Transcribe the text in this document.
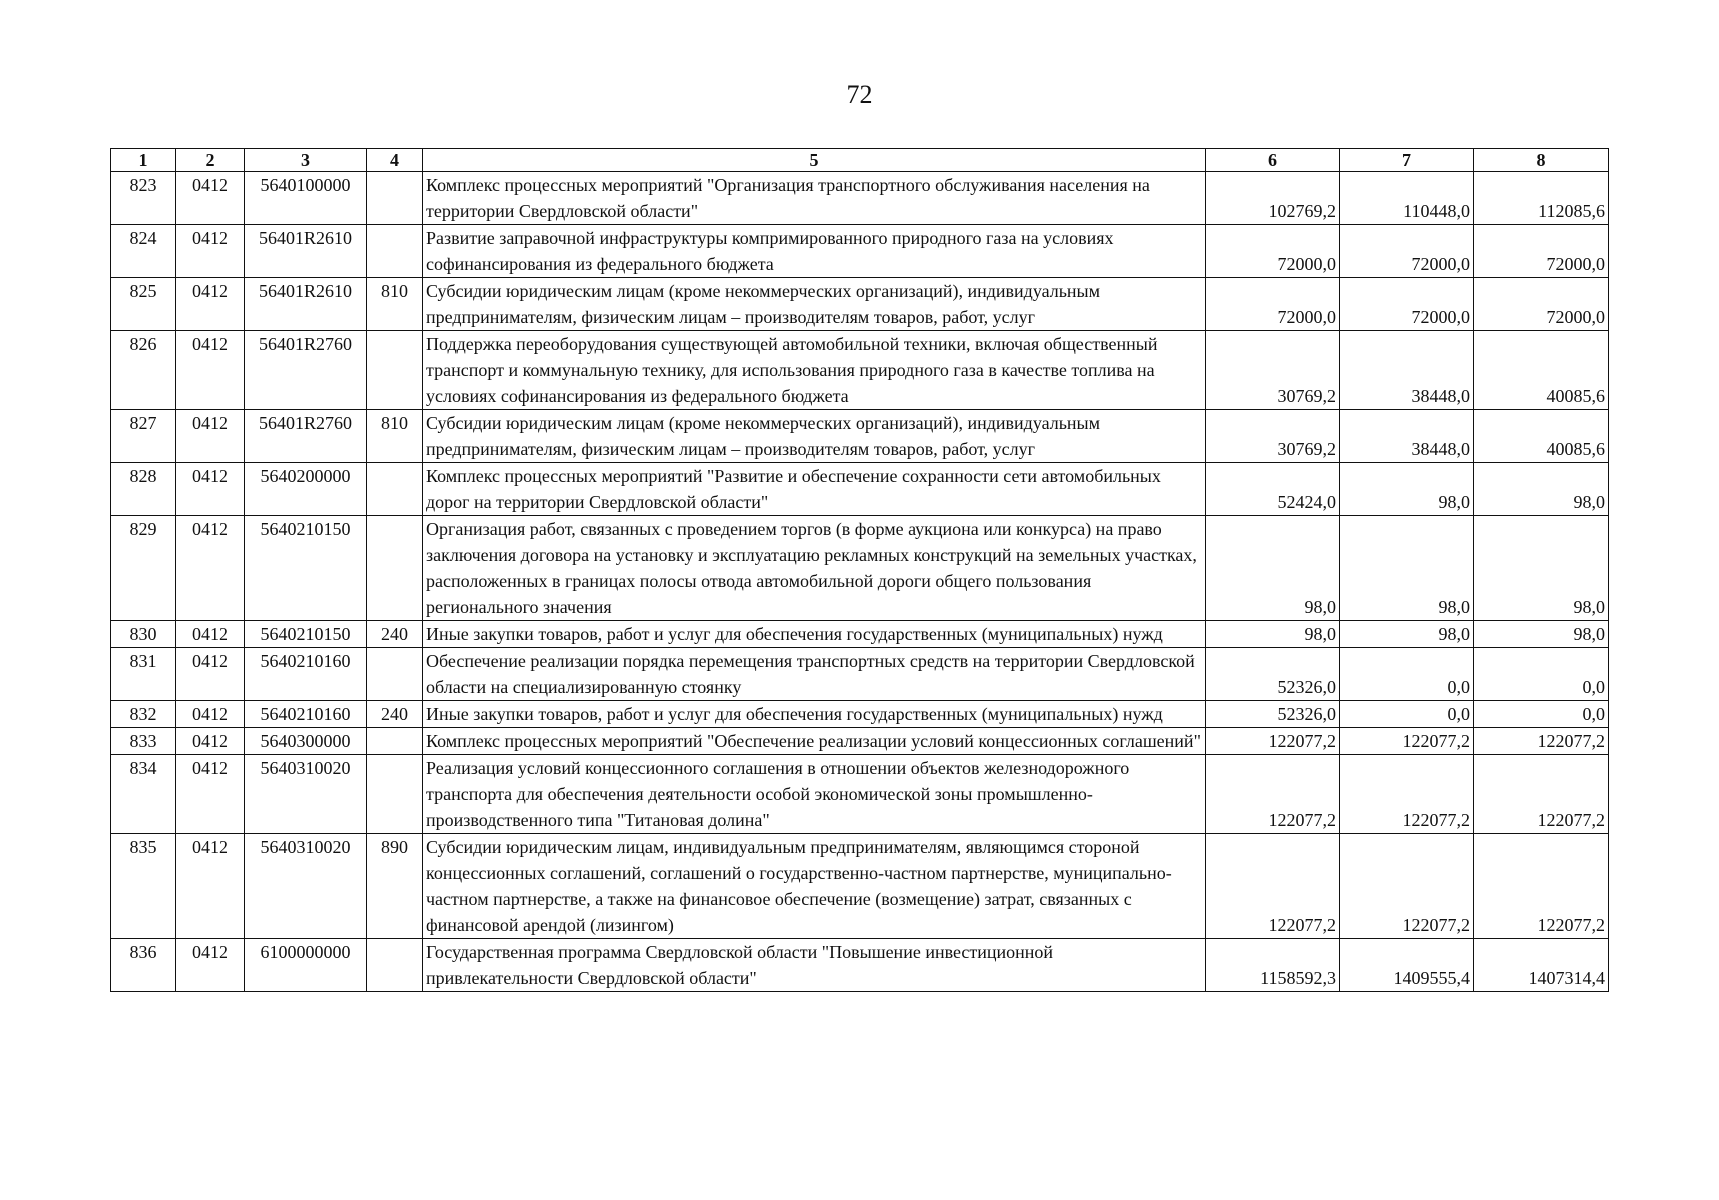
72
1	2	3	4	5	6	7	8
823	0412	5640100000		Комплекс процессных мероприятий "Организация транспортного обслуживания населения на территории Свердловской области"	102769,2	110448,0	112085,6
824	0412	56401R2610		Развитие заправочной инфраструктуры компримированного природного газа на условиях софинансирования из федерального бюджета	72000,0	72000,0	72000,0
825	0412	56401R2610	810	Субсидии юридическим лицам (кроме некоммерческих организаций), индивидуальным предпринимателям, физическим лицам – производителям товаров, работ, услуг	72000,0	72000,0	72000,0
826	0412	56401R2760		Поддержка переоборудования существующей автомобильной техники, включая общественный транспорт и коммунальную технику, для использования природного газа в качестве топлива на условиях софинансирования из федерального бюджета	30769,2	38448,0	40085,6
827	0412	56401R2760	810	Субсидии юридическим лицам (кроме некоммерческих организаций), индивидуальным предпринимателям, физическим лицам – производителям товаров, работ, услуг	30769,2	38448,0	40085,6
828	0412	5640200000		Комплекс процессных мероприятий "Развитие и обеспечение сохранности сети автомобильных дорог на территории Свердловской области"	52424,0	98,0	98,0
829	0412	5640210150		Организация работ, связанных с проведением торгов (в форме аукциона или конкурса) на право заключения договора на установку и эксплуатацию рекламных конструкций на земельных участках, расположенных в границах полосы отвода автомобильной дороги общего пользования регионального значения	98,0	98,0	98,0
830	0412	5640210150	240	Иные закупки товаров, работ и услуг для обеспечения государственных (муниципальных) нужд	98,0	98,0	98,0
831	0412	5640210160		Обеспечение реализации порядка перемещения транспортных средств на территории Свердловской области на специализированную стоянку	52326,0	0,0	0,0
832	0412	5640210160	240	Иные закупки товаров, работ и услуг для обеспечения государственных (муниципальных) нужд	52326,0	0,0	0,0
833	0412	5640300000		Комплекс процессных мероприятий "Обеспечение реализации условий концессионных соглашений"	122077,2	122077,2	122077,2
834	0412	5640310020		Реализация условий концессионного соглашения в отношении объектов железнодорожного транспорта для обеспечения деятельности особой экономической зоны промышленно-производственного типа "Титановая долина"	122077,2	122077,2	122077,2
835	0412	5640310020	890	Субсидии юридическим лицам, индивидуальным предпринимателям, являющимся стороной концессионных соглашений, соглашений о государственно-частном партнерстве, муниципально-частном партнерстве, а также на финансовое обеспечение (возмещение) затрат, связанных с финансовой арендой (лизингом)	122077,2	122077,2	122077,2
836	0412	6100000000		Государственная программа Свердловской области "Повышение инвестиционной привлекательности Свердловской области"	1158592,3	1409555,4	1407314,4
